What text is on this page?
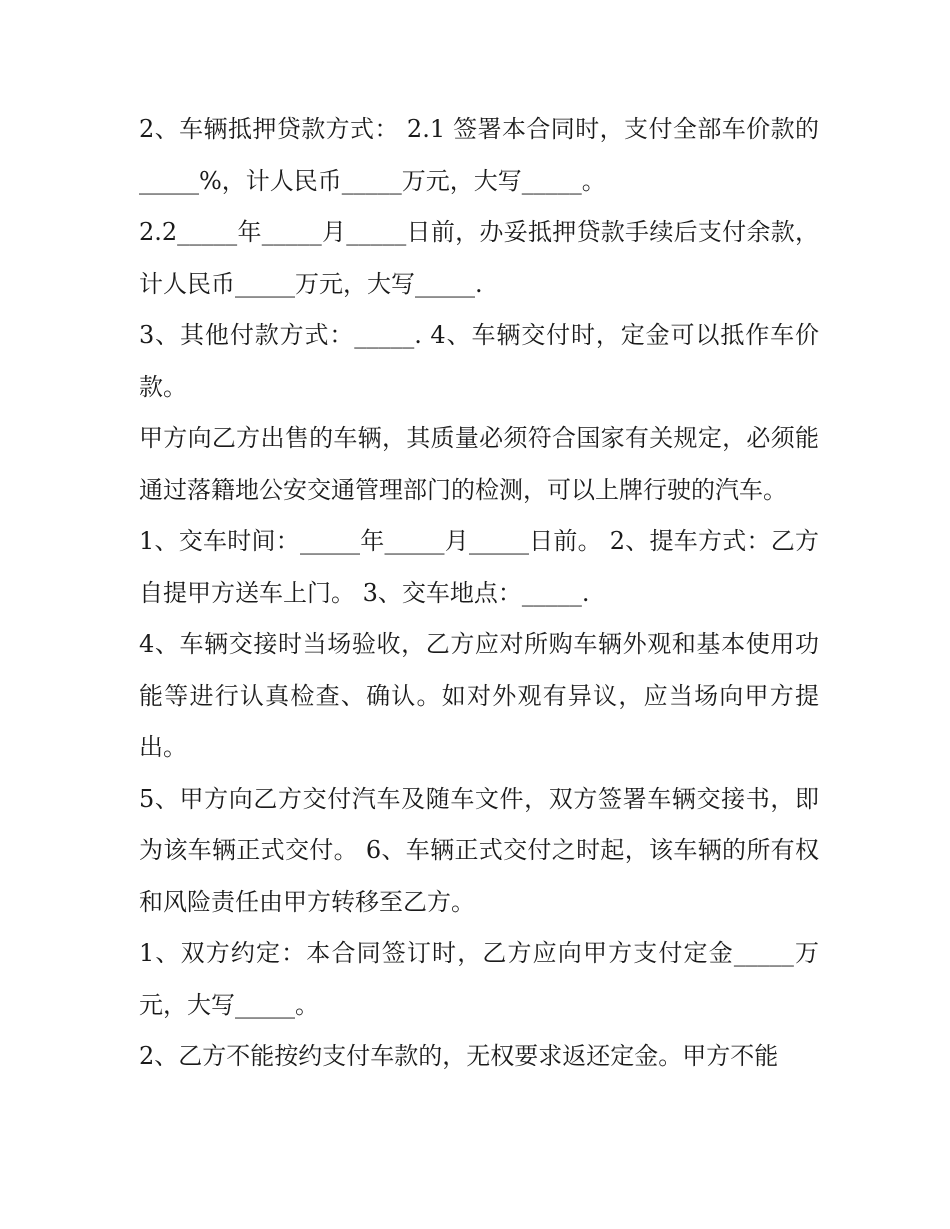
2、车辆抵押贷款方式： 2.1 签署本合同时，支付全部车价款的_____%，计人民币_____万元，大写_____。

2.2_____年_____月_____日前，办妥抵押贷款手续后支付余款，计人民币_____万元，大写_____.

3、其他付款方式：_____. 4、车辆交付时，定金可以抵作车价款。

甲方向乙方出售的车辆，其质量必须符合国家有关规定，必须能通过落籍地公安交通管理部门的检测，可以上牌行驶的汽车。

1、交车时间：_____年_____月_____日前。 2、提车方式：乙方自提甲方送车上门。 3、交车地点：_____.

4、车辆交接时当场验收，乙方应对所购车辆外观和基本使用功能等进行认真检查、确认。如对外观有异议，应当场向甲方提出。

5、甲方向乙方交付汽车及随车文件，双方签署车辆交接书，即为该车辆正式交付。 6、车辆正式交付之时起，该车辆的所有权和风险责任由甲方转移至乙方。

1、双方约定：本合同签订时，乙方应向甲方支付定金_____万元，大写_____。

2、乙方不能按约支付车款的，无权要求返还定金。甲方不能
